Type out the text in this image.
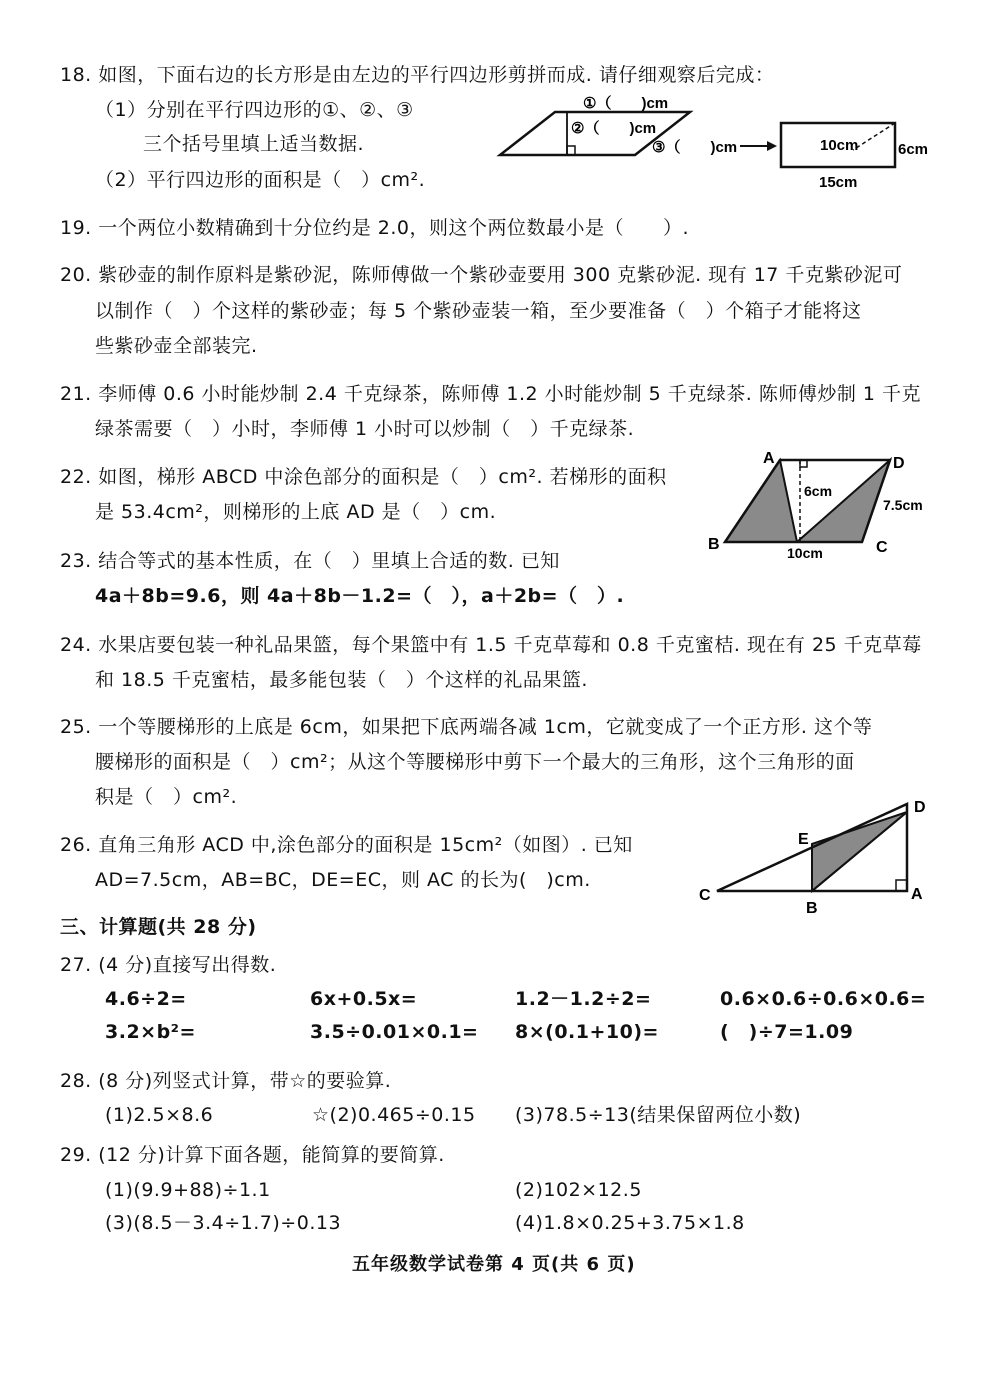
18. 如图，下面右边的长方形是由左边的平行四边形剪拼而成. 请仔细观察后完成：
（1）分别在平行四边形的①、②、③
三个括号里填上适当数据.
（2）平行四边形的面积是（　）cm².
①（　　)cm
②（　　)cm
③（　　)cm	10cm	6cm
15cm
19. 一个两位小数精确到十分位约是 2.0，则这个两位数最小是（　　）.
20. 紫砂壶的制作原料是紫砂泥，陈师傅做一个紫砂壶要用 300 克紫砂泥. 现有 17 千克紫砂泥可
以制作（　）个这样的紫砂壶；每 5 个紫砂壶装一箱，至少要准备（　）个箱子才能将这
些紫砂壶全部装完.
21. 李师傅 0.6 小时能炒制 2.4 千克绿茶，陈师傅 1.2 小时能炒制 5 千克绿茶. 陈师傅炒制 1 千克
绿茶需要（　）小时，李师傅 1 小时可以炒制（　）千克绿茶.
22. 如图，梯形 ABCD 中涂色部分的面积是（　）cm². 若梯形的面积
是 53.4cm²，则梯形的上底 AD 是（　）cm.
A	D
B	C
6cm
7.5cm
10cm
23. 结合等式的基本性质，在（　）里填上合适的数. 已知
4a＋8b=9.6，则 4a＋8b－1.2=（　），a＋2b=（　）.
24. 水果店要包装一种礼品果篮，每个果篮中有 1.5 千克草莓和 0.8 千克蜜桔. 现在有 25 千克草莓
和 18.5 千克蜜桔，最多能包装（　）个这样的礼品果篮.
25. 一个等腰梯形的上底是 6cm，如果把下底两端各减 1cm，它就变成了一个正方形. 这个等
腰梯形的面积是（　）cm²；从这个等腰梯形中剪下一个最大的三角形，这个三角形的面
积是（　）cm².
26. 直角三角形 ACD 中,涂色部分的面积是 15cm²（如图）. 已知
AD=7.5cm，AB=BC，DE=EC，则 AC 的长为(　)cm.
D
E
C
B
A
三、计算题(共 28 分)
27. (4 分)直接写出得数.
4.6÷2=	6x+0.5x=	1.2－1.2÷2=	0.6×0.6÷0.6×0.6=
3.2×b²=	3.5÷0.01×0.1= 8×(0.1+10)=	(　)÷7=1.09
28. (8 分)列竖式计算，带☆的要验算.
(1)2.5×8.6	☆(2)0.465÷0.15 (3)78.5÷13(结果保留两位小数)
29. (12 分)计算下面各题，能简算的要简算.
(1)(9.9+88)÷1.1	(2)102×12.5
(3)(8.5－3.4÷1.7)÷0.13	(4)1.8×0.25+3.75×1.8
五年级数学试卷第 4 页(共 6 页)
